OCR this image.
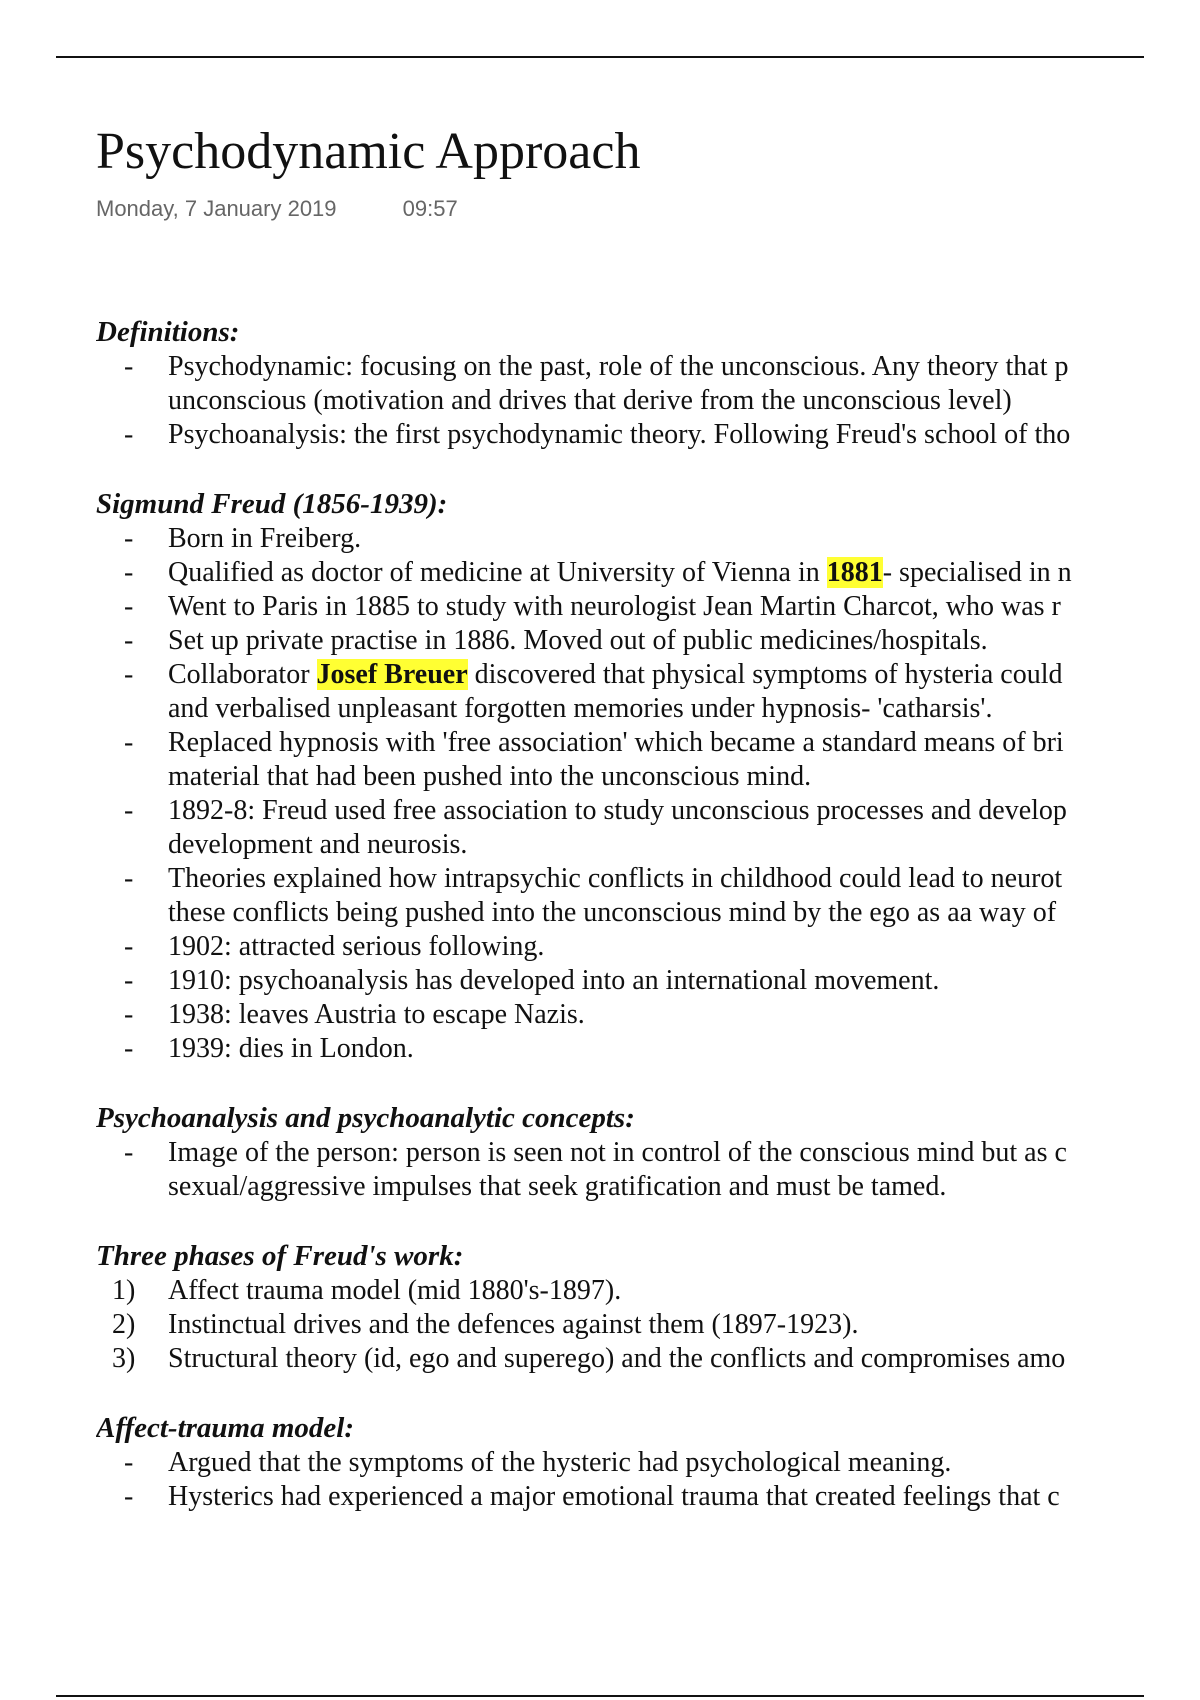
Psychodynamic Approach
Monday, 7 January 2019	09:57
Definitions:
- Psychodynamic: focusing on the past, role of the unconscious. Any theory that p
unconscious (motivation and drives that derive from the unconscious level)
- Psychoanalysis: the first psychodynamic theory. Following Freud's school of tho
Sigmund Freud (1856-1939):
- Born in Freiberg.
- Qualified as doctor of medicine at University of Vienna in 1881- specialised in n
- Went to Paris in 1885 to study with neurologist Jean Martin Charcot, who was r
- Set up private practise in 1886. Moved out of public medicines/hospitals.
- Collaborator Josef Breuer discovered that physical symptoms of hysteria could
and verbalised unpleasant forgotten memories under hypnosis- 'catharsis'.
- Replaced hypnosis with 'free association' which became a standard means of bri
material that had been pushed into the unconscious mind.
- 1892-8: Freud used free association to study unconscious processes and develop
development and neurosis.
- Theories explained how intrapsychic conflicts in childhood could lead to neurot
these conflicts being pushed into the unconscious mind by the ego as aa way of
- 1902: attracted serious following.
- 1910: psychoanalysis has developed into an international movement.
- 1938: leaves Austria to escape Nazis.
- 1939: dies in London.
Psychoanalysis and psychoanalytic concepts:
- Image of the person: person is seen not in control of the conscious mind but as c
sexual/aggressive impulses that seek gratification and must be tamed.
Three phases of Freud's work:
1) Affect trauma model (mid 1880's-1897).
2) Instinctual drives and the defences against them (1897-1923).
3) Structural theory (id, ego and superego) and the conflicts and compromises amo
Affect-trauma model:
- Argued that the symptoms of the hysteric had psychological meaning.
- Hysterics had experienced a major emotional trauma that created feelings that c
